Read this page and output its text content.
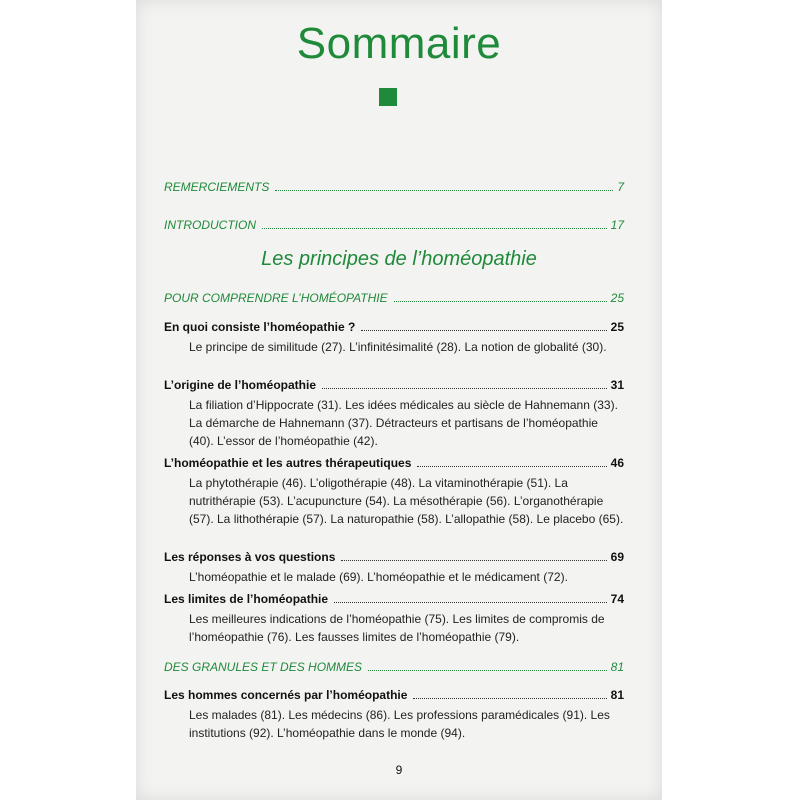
Sommaire
REMERCIEMENTS	7
INTRODUCTION	17
Les principes de l’homéopathie
POUR COMPRENDRE L’HOMÉOPATHIE	25
En quoi consiste l’homéopathie ?	25
Le principe de similitude (27). L’infinitésimalité (28). La notion de globalité (30).
L’origine de l’homéopathie	31
La filiation d’Hippocrate (31). Les idées médicales au siècle de Hahnemann (33). La démarche de Hahnemann (37). Détracteurs et partisans de l’homéopathie (40). L’essor de l’homéopathie (42).
L’homéopathie et les autres thérapeutiques	46
La phytothérapie (46). L’oligothérapie (48). La vitaminothérapie (51). La nutrithérapie (53). L’acupuncture (54). La mésothérapie (56). L’organothérapie (57). La lithothérapie (57). La naturopathie (58). L’allopathie (58). Le placebo (65).
Les réponses à vos questions	69
L’homéopathie et le malade (69). L’homéopathie et le médicament (72).
Les limites de l’homéopathie	74
Les meilleures indications de l’homéopathie (75). Les limites de compromis de l’homéopathie (76). Les fausses limites de l’homéopathie (79).
DES GRANULES ET DES HOMMES	81
Les hommes concernés par l’homéopathie	81
Les malades (81). Les médecins (86). Les professions paramédicales (91). Les institutions (92). L’homéopathie dans le monde (94).
9
